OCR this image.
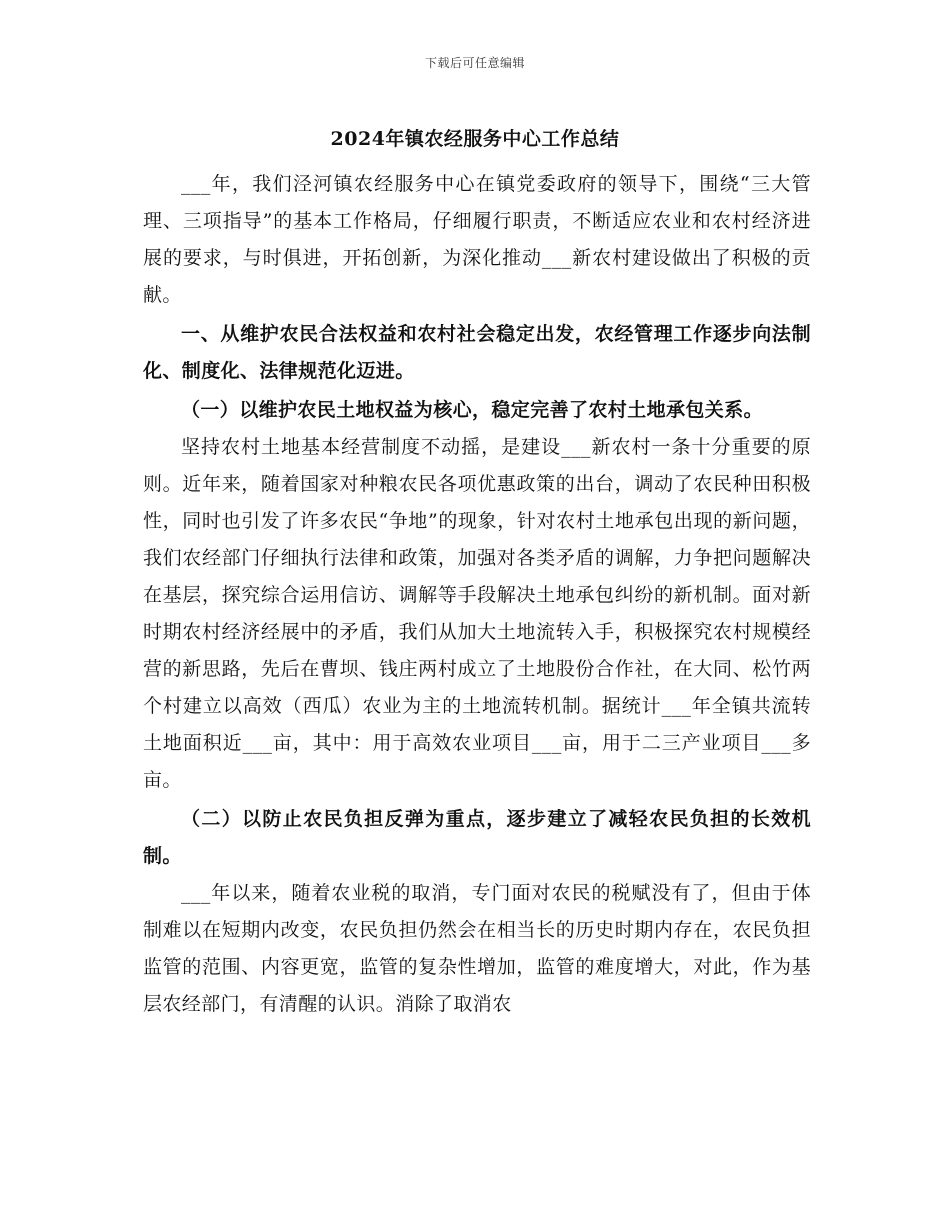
下载后可任意编辑
2024年镇农经服务中心工作总结

___年，我们泾河镇农经服务中心在镇党委政府的领导下，围绕“三大管理、三项指导”的基本工作格局，仔细履行职责，不断适应农业和农村经济进展的要求，与时俱进，开拓创新，为深化推动___新农村建设做出了积极的贡献。

一、从维护农民合法权益和农村社会稳定出发，农经管理工作逐步向法制化、制度化、法律规范化迈进。

（一）以维护农民土地权益为核心，稳定完善了农村土地承包关系。

坚持农村土地基本经营制度不动摇，是建设___新农村一条十分重要的原则。近年来，随着国家对种粮农民各项优惠政策的出台，调动了农民种田积极性，同时也引发了许多农民“争地”的现象，针对农村土地承包出现的新问题，我们农经部门仔细执行法律和政策，加强对各类矛盾的调解，力争把问题解决在基层，探究综合运用信访、调解等手段解决土地承包纠纷的新机制。面对新时期农村经济经展中的矛盾，我们从加大土地流转入手，积极探究农村规模经营的新思路，先后在曹坝、钱庄两村成立了土地股份合作社，在大同、松竹两个村建立以高效（西瓜）农业为主的土地流转机制。据统计___年全镇共流转土地面积近___亩，其中：用于高效农业项目___亩，用于二三产业项目___多亩。

（二）以防止农民负担反弹为重点，逐步建立了减轻农民负担的长效机制。

___年以来，随着农业税的取消，专门面对农民的税赋没有了，但由于体制难以在短期内改变，农民负担仍然会在相当长的历史时期内存在，农民负担监管的范围、内容更宽，监管的复杂性增加，监管的难度增大，对此，作为基层农经部门，有清醒的认识。消除了取消农
